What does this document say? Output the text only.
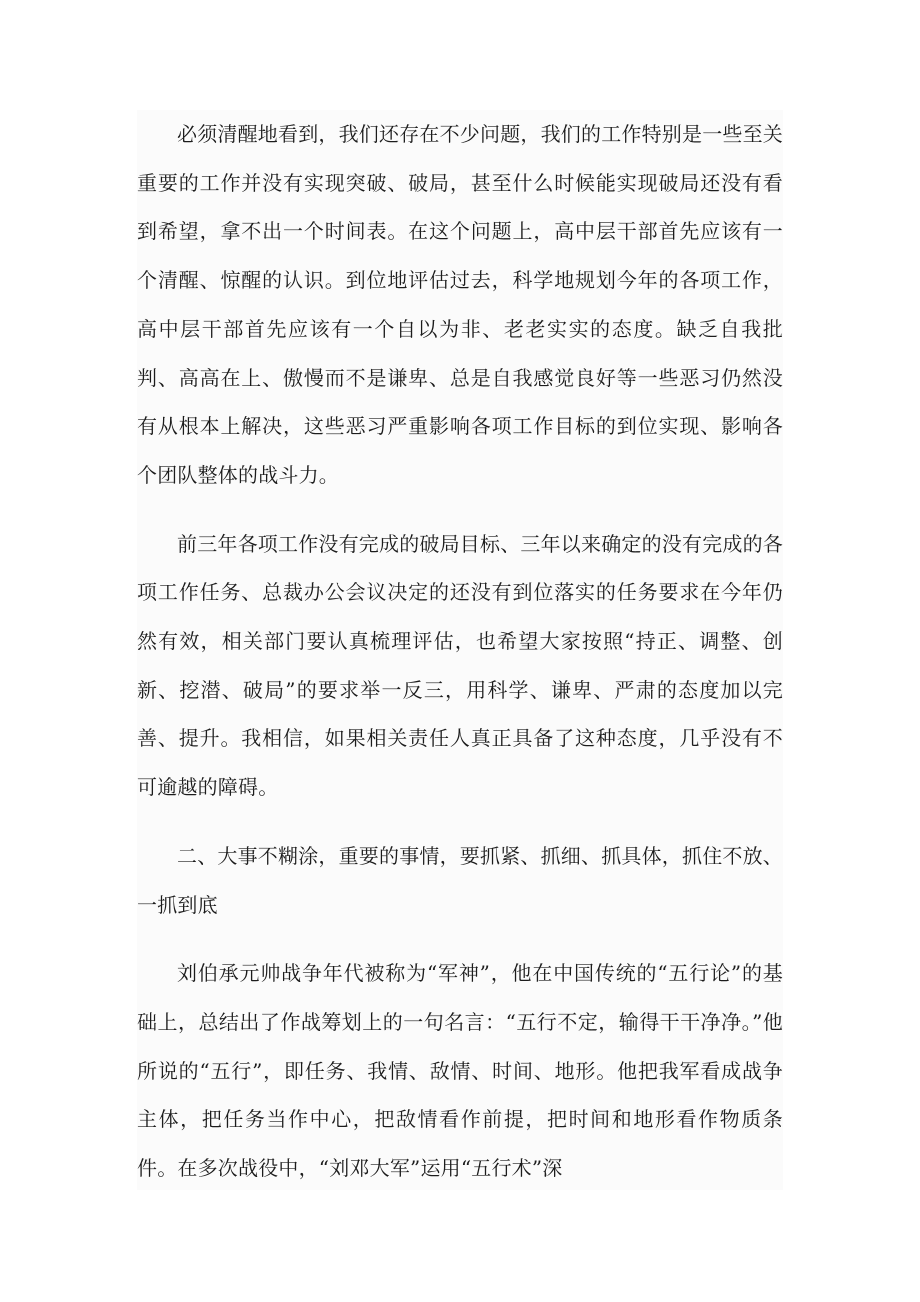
必须清醒地看到，我们还存在不少问题，我们的工作特别是一些至关重要的工作并没有实现突破、破局，甚至什么时候能实现破局还没有看到希望，拿不出一个时间表。在这个问题上，高中层干部首先应该有一个清醒、惊醒的认识。到位地评估过去，科学地规划今年的各项工作，高中层干部首先应该有一个自以为非、老老实实的态度。缺乏自我批判、高高在上、傲慢而不是谦卑、总是自我感觉良好等一些恶习仍然没有从根本上解决，这些恶习严重影响各项工作目标的到位实现、影响各个团队整体的战斗力。

前三年各项工作没有完成的破局目标、三年以来确定的没有完成的各项工作任务、总裁办公会议决定的还没有到位落实的任务要求在今年仍然有效，相关部门要认真梳理评估，也希望大家按照“持正、调整、创新、挖潜、破局”的要求举一反三，用科学、谦卑、严肃的态度加以完善、提升。我相信，如果相关责任人真正具备了这种态度，几乎没有不可逾越的障碍。

二、大事不糊涂，重要的事情，要抓紧、抓细、抓具体，抓住不放、一抓到底

刘伯承元帅战争年代被称为“军神”，他在中国传统的“五行论”的基础上，总结出了作战筹划上的一句名言：“五行不定，输得干干净净。”他所说的“五行”，即任务、我情、敌情、时间、地形。他把我军看成战争主体，把任务当作中心，把敌情看作前提，把时间和地形看作物质条件。在多次战役中，“刘邓大军”运用“五行术”深
